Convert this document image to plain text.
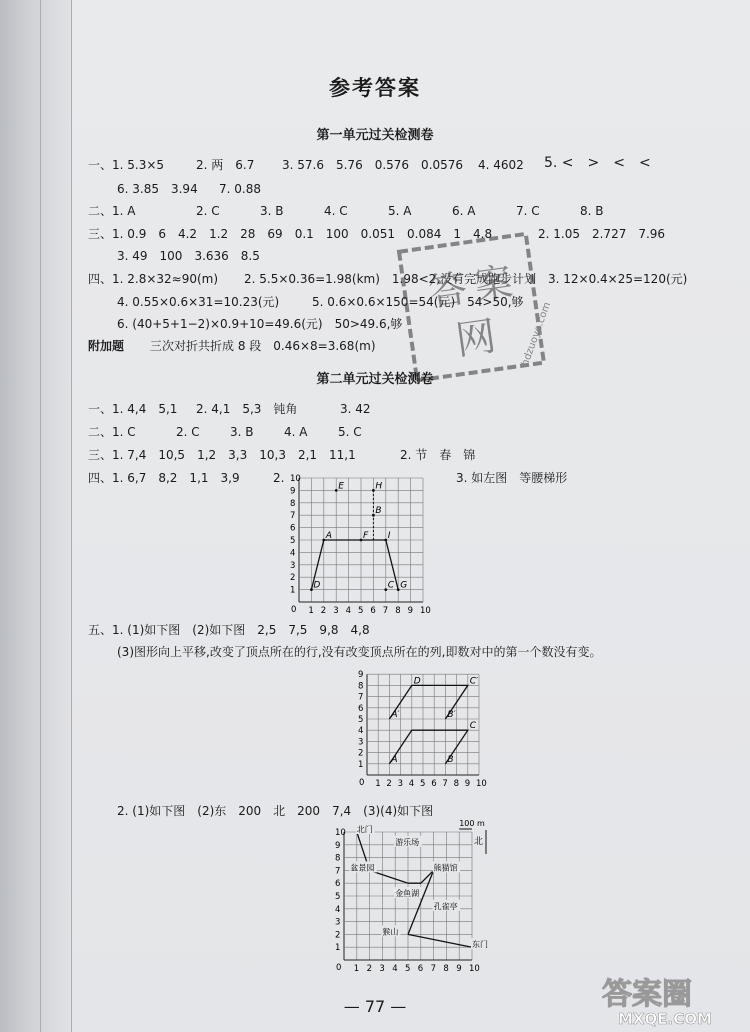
参考答案
第一单元过关检测卷
一、1. 5.3×5	2. 两　6.7 3. 57.6　5.76　0.576　0.0576 4. 4602 5. <　>　<　<
6. 3.85　3.94 7. 0.88
二、1. A	2. C	3. B	4. C	5. A	6. A	7. C	8. B
三、1. 0.9　6　4.2　1.2　28　69　0.1　100　0.051　0.084　1　4.8	2. 1.05　2.727　7.96
3. 49　100　3.636　8.5
四、1. 2.8×32≈90(m) 2. 5.5×0.36=1.98(km)　1.98<2,没有完成跑步计划 3. 12×0.4×25=120(元)
4. 0.55×0.6×31=10.23(元)	5. 0.6×0.6×150=54(元)　54>50,够
6. (40+5+1−2)×0.9+10=49.6(元)　50>49.6,够
附加题 三次对折共折成 8 段　0.46×8=3.68(m)
答 案
网 hdzuoye.com
第二单元过关检测卷
一、1. 4,4　5,1 2. 4,1　5,3　钝角	3. 42
二、1. C	2. C	3. B	4. A	5. C
三、1. 7,4　10,5　1,2　3,3　10,3　2,1　11,1	2. 节　春　锦
四、1. 6,7　8,2　1,1　3,9	2.	3. 如左图　等腰梯形
1 2 3 4 5 6 7 8 9 10
1
2
3
4
5
6
7
8
9
10
0
E	H
B
A	F I
D	C G
五、1. (1)如下图　(2)如下图　2,5　7,5　9,8　4,8
(3)图形向上平移,改变了顶点所在的行,没有改变顶点所在的列,即数对中的第一个数没有变。
1 2 3 4 5 6 7 8 9 10
1
2
3
4
5
6
7
8
9
0
D	C′
A′	B′
C
A	B
2. (1)如下图　(2)东　200　北　200　7,4　(3)(4)如下图
1 2 3 4 5 6 7 8 9 10
1
2
3
4
5
6
7
8
9
10
0
北门
游乐场
盆景园	熊猫馆
金鱼湖
孔雀亭
猴山
东门
100 m
北
— 77 —	答案圈
MXQE.COM
